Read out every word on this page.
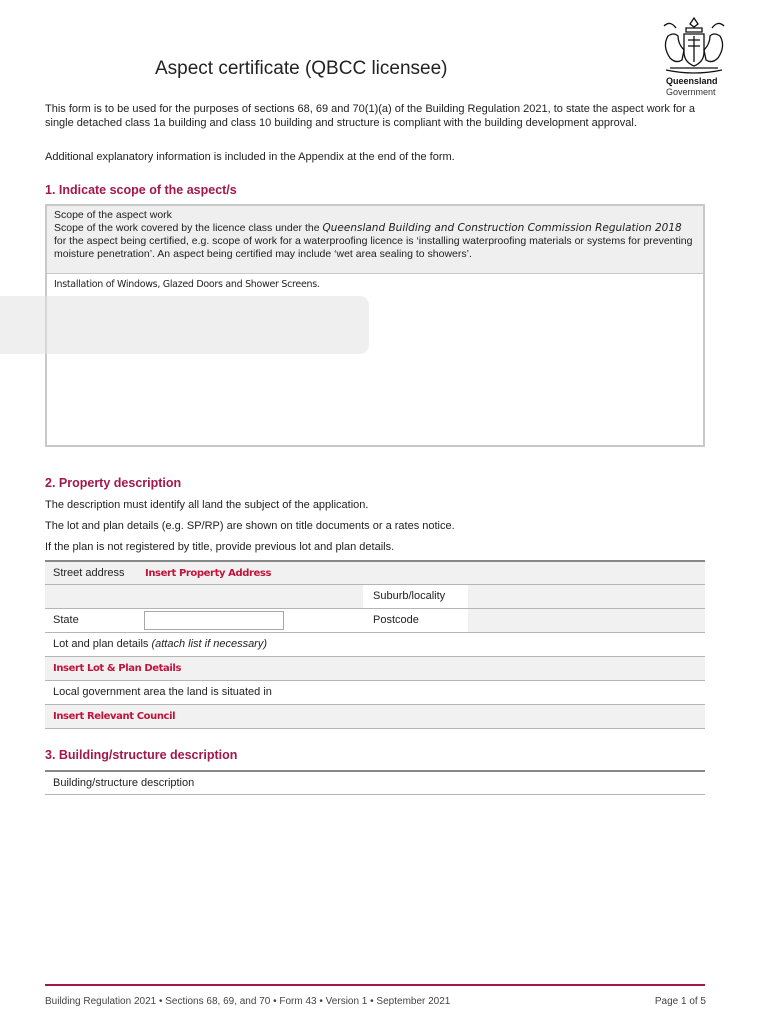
Aspect certificate (QBCC licensee)
Queensland
Government
This form is to be used for the purposes of sections 68, 69 and 70(1)(a) of the Building Regulation 2021, to state the aspect work for a single detached class 1a building and class 10 building and structure is compliant with the building development approval.
Additional explanatory information is included in the Appendix at the end of the form.
1. Indicate scope of the aspect/s
Scope of the aspect work
Scope of the work covered by the licence class under the Queensland Building and Construction Commission Regulation 2018 for the aspect being certified, e.g. scope of work for a waterproofing licence is ‘installing waterproofing materials or systems for preventing moisture penetration’. An aspect being certified may include ‘wet area sealing to showers’.
Installation of Windows, Glazed Doors and Shower Screens.
2. Property description
The description must identify all land the subject of the application.
The lot and plan details (e.g. SP/RP) are shown on title documents or a rates notice.
If the plan is not registered by title, provide previous lot and plan details.
Street address	Insert Property Address
Suburb/locality
State	Postcode
Lot and plan details (attach list if necessary)
Insert Lot & Plan Details
Local government area the land is situated in
Insert Relevant Council
3. Building/structure description
Building/structure description
Building Regulation 2021 • Sections 68, 69, and 70 • Form 43 • Version 1 • September 2021	Page 1 of 5
